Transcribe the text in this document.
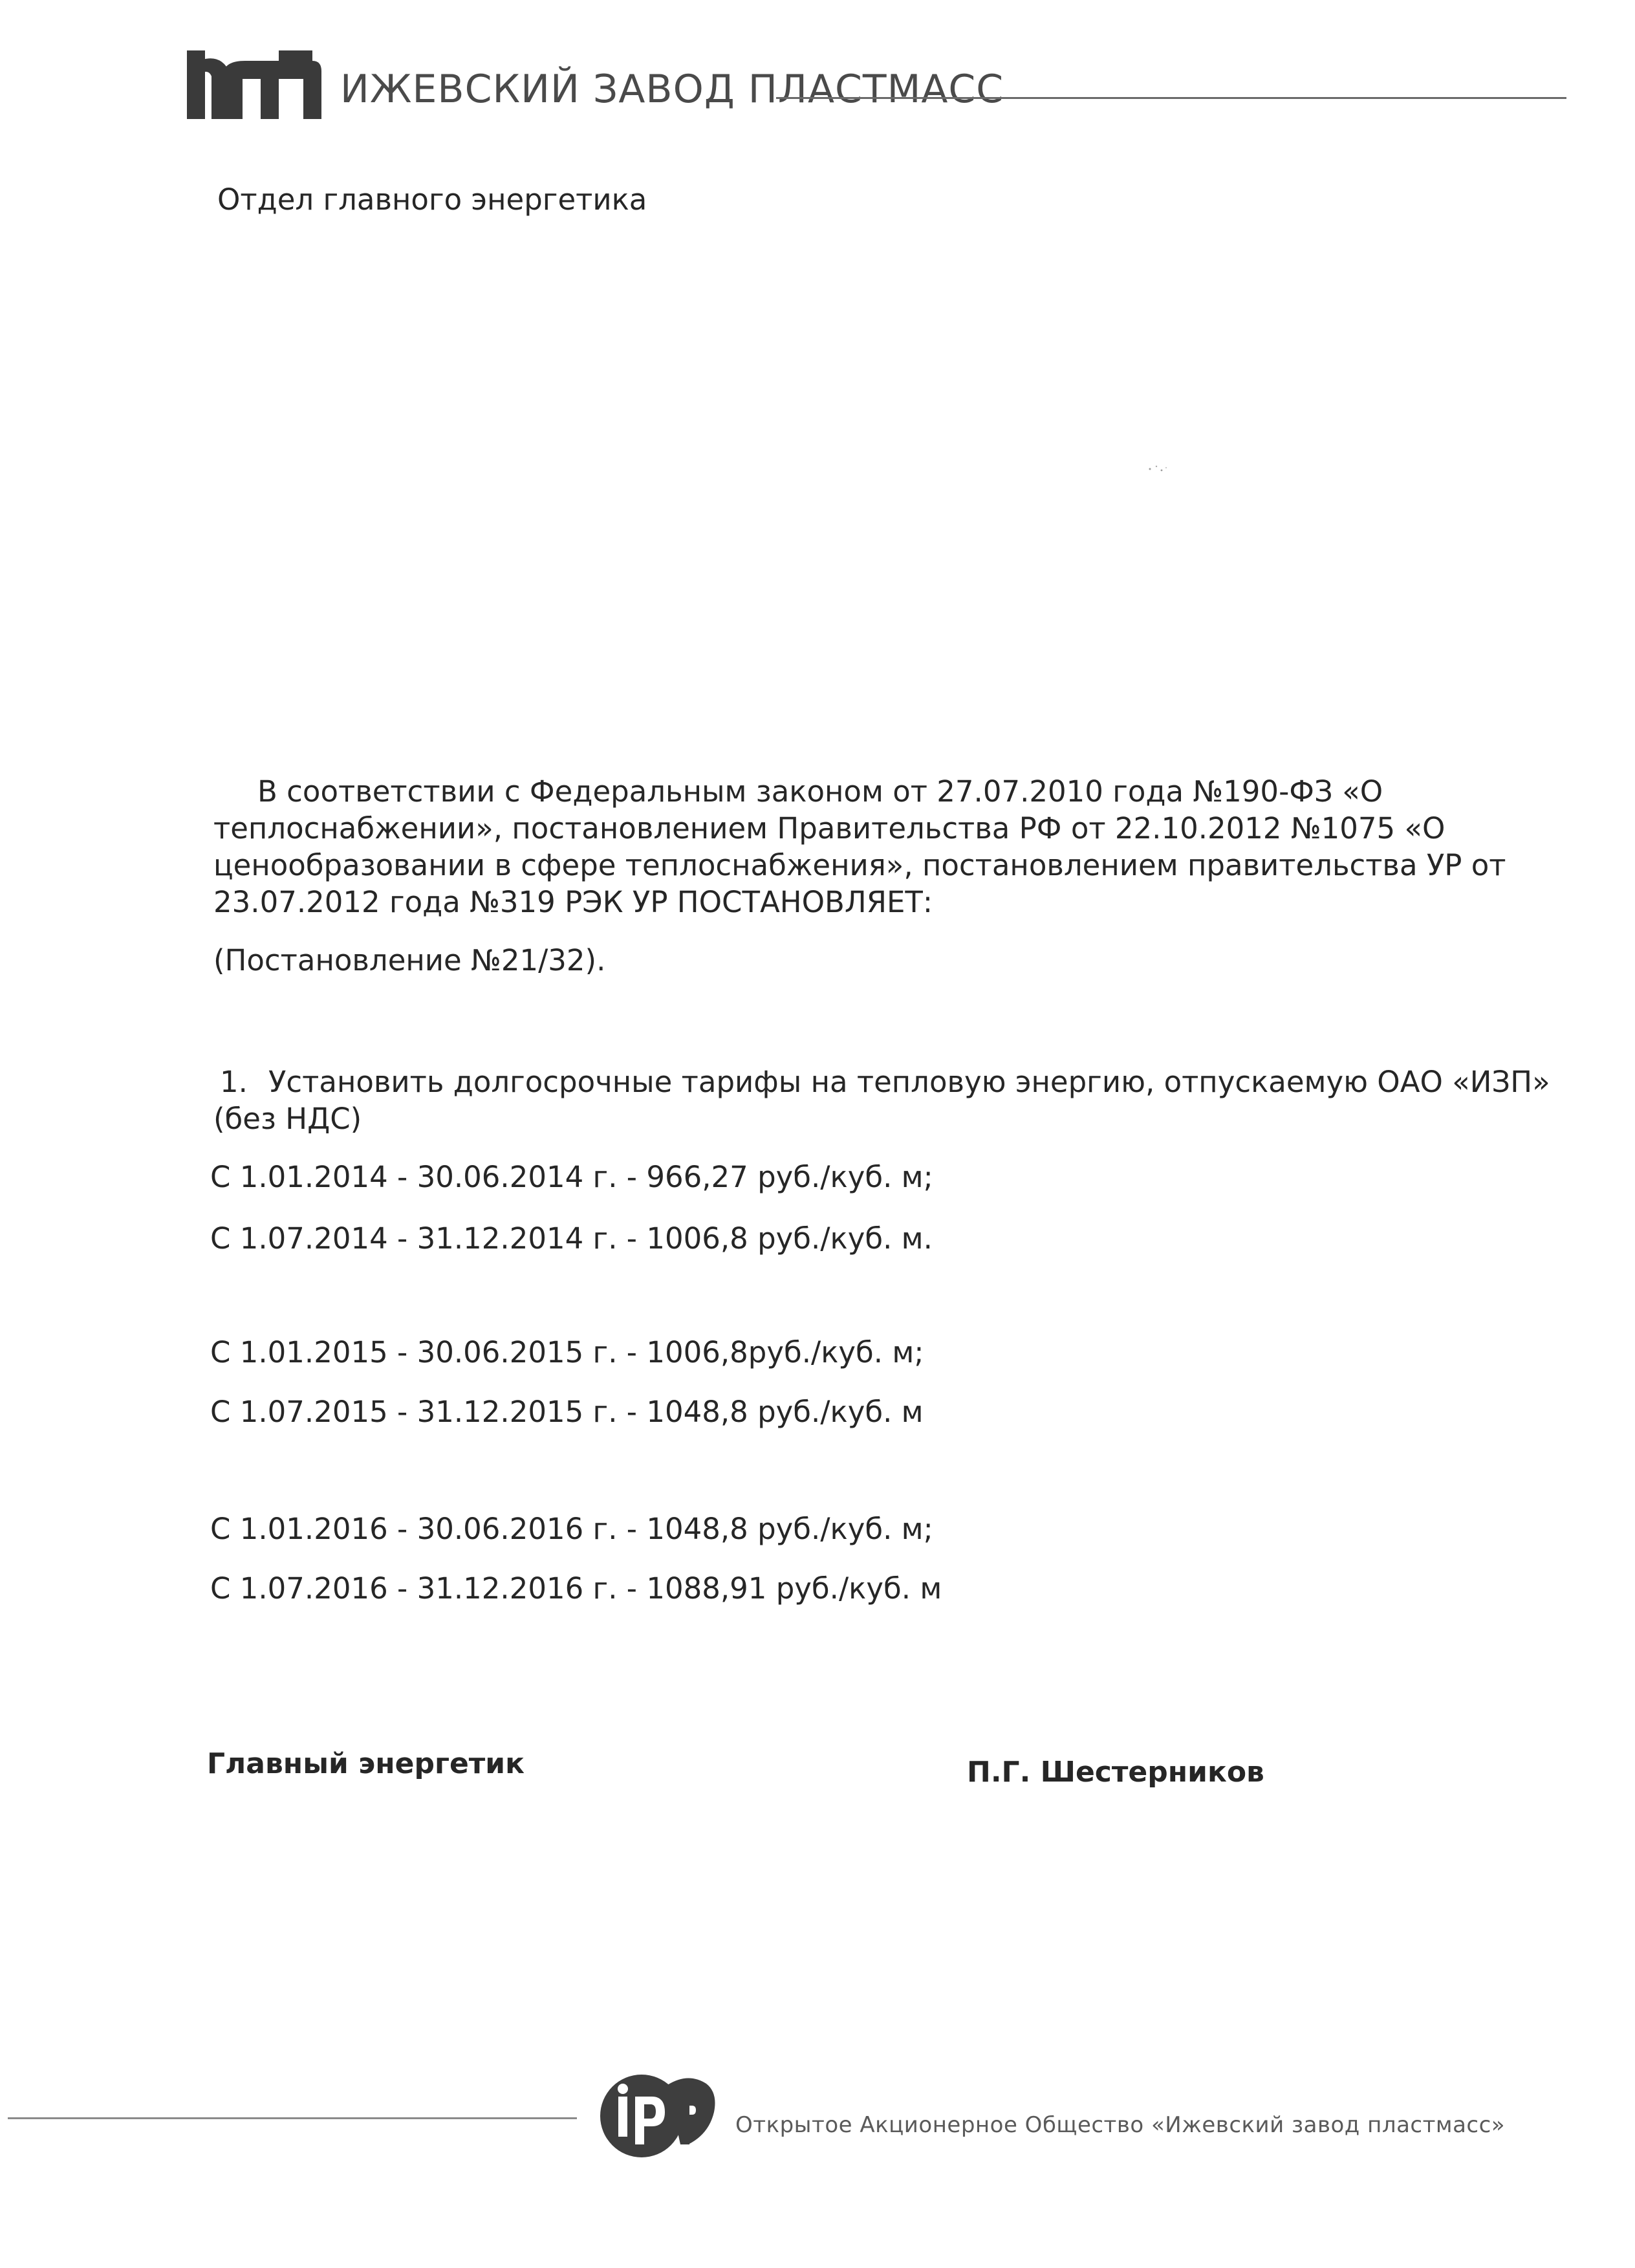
ИЖЕВСКИЙ ЗАВОД ПЛАСТМАСС
Отдел главного энергетика
В соответствии с Федеральным законом от 27.07.2010 года №190-ФЗ «О
теплоснабжении», постановлением Правительства РФ от 22.10.2012 №1075 «О
ценообразовании в сфере теплоснабжения», постановлением правительства УР от
23.07.2012 года №319 РЭК УР ПОСТАНОВЛЯЕТ:
(Постановление №21/32).
1. Установить долгосрочные тарифы на тепловую энергию, отпускаемую ОАО «ИЗП»
(без НДС)
С 1.01.2014 - 30.06.2014 г. - 966,27 руб./куб. м;
С 1.07.2014 - 31.12.2014 г. - 1006,8 руб./куб. м.
С 1.01.2015 - 30.06.2015 г. - 1006,8руб./куб. м;
С 1.07.2015 - 31.12.2015 г. - 1048,8 руб./куб. м
С 1.01.2016 - 30.06.2016 г. - 1048,8 руб./куб. м;
С 1.07.2016 - 31.12.2016 г. - 1088,91 руб./куб. м
Главный энергетик	П.Г. Шестерников
Открытое Акционерное Общество «Ижевский завод пластмасс»
